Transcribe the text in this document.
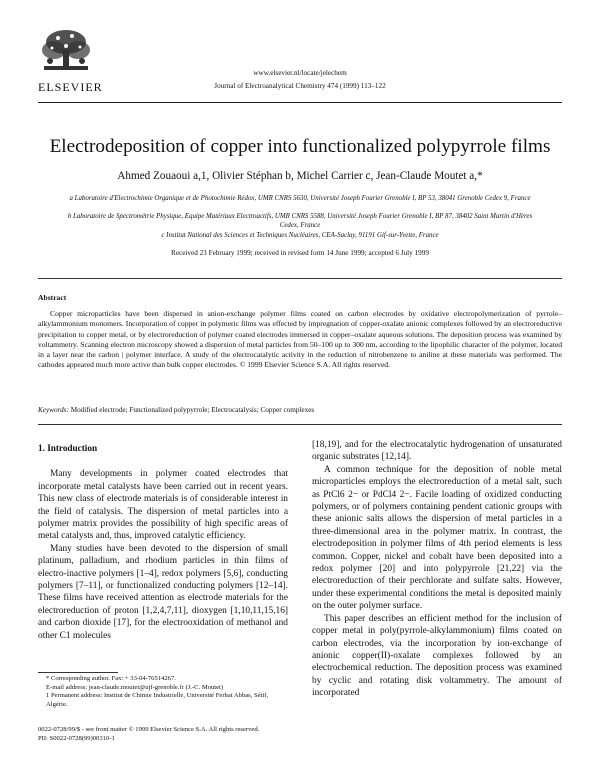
ELSEVIER
www.elsevier.nl/locate/jelechem
Journal of Electroanalytical Chemistry 474 (1999) 113–122
Electrodeposition of copper into functionalized polypyrrole films
Ahmed Zouaoui a,1, Olivier Stéphan b, Michel Carrier c, Jean-Claude Moutet a,*
a Laboratoire d'Electrochimie Organique et de Photochimie Rédox, UMR CNRS 5630, Université Joseph Fourier Grenoble I, BP 53, 38041 Grenoble Cedex 9, France
b Laboratoire de Spectrométrie Physique, Equipe Matériaux Electroactifs, UMR CNRS 5588, Université Joseph Fourier Grenoble I, BP 87, 38402 Saint Martin d'Hères Cedex, France
c Institut National des Sciences et Techniques Nucléaires, CEA-Saclay, 91191 Gif-sur-Yvette, France
Received 23 February 1999; received in revised form 14 June 1999; accepted 6 July 1999
Abstract
Copper microparticles have been dispersed in anion-exchange polymer films coated on carbon electrodes by oxidative electropolymerization of pyrrole–alkylammonium monomers. Incorporation of copper in polymeric films was effected by impregnation of copper-oxalate anionic complexes followed by an electroreductive precipitation to copper metal, or by electroreduction of polymer coated electrodes immersed in copper–oxalate aqueous solutions. The deposition process was examined by voltammetry. Scanning electron microscopy showed a dispersion of metal particles from 50–100 up to 300 nm, according to the lipophilic character of the polymer, located in a layer near the carbon | polymer interface. A study of the electrocatalytic activity in the reduction of nitrobenzene to aniline at these materials was performed. The cathodes appeared much more active than bulk copper electrodes. © 1999 Elsevier Science S.A. All rights reserved.
Keywords: Modified electrode; Functionalized polypyrrole; Electrocatalysis; Copper complexes
1. Introduction

Many developments in polymer coated electrodes that incorporate metal catalysts have been carried out in recent years. This new class of electrode materials is of considerable interest in the field of catalysis. The dispersion of metal particles into a polymer matrix provides the possibility of high specific areas of metal catalysts and, thus, improved catalytic efficiency.

Many studies have been devoted to the dispersion of small platinum, palladium, and rhodium particles in thin films of electro-inactive polymers [1–4], redox polymers [5,6], conducting polymers [7–11], or functionalized conducting polymers [12–14]. These films have received attention as electrode materials for the electroreduction of proton [1,2,4,7,11], dioxygen [1,10,11,15,16] and carbon dioxide [17], for the electrooxidation of methanol and other C1 molecules

[18,19], and for the electrocatalytic hydrogenation of unsaturated organic substrates [12,14].

A common technique for the deposition of noble metal microparticles employs the electroreduction of a metal salt, such as PtCl6 2− or PdCl4 2−. Facile loading of oxidized conducting polymers, or of polymers containing pendent cationic groups with these anionic salts allows the dispersion of metal particles in a three-dimensional area in the polymer matrix. In contrast, the electrodeposition in polymer films of 4th period elements is less common. Copper, nickel and cobalt have been deposited into a redox polymer [20] and into polypyrrole [21,22] via the electroreduction of their perchlorate and sulfate salts. However, under these experimental conditions the metal is deposited mainly on the outer polymer surface.

This paper describes an efficient method for the inclusion of copper metal in poly(pyrrole-alkylammonium) films coated on carbon electrodes, via the incorporation by ion-exchange of anionic copper(II)-oxalate complexes followed by an electrochemical reduction. The deposition process was examined by cyclic and rotating disk voltammetry. The amount of incorporated

* Corresponding author. Fax: + 33-04-76514267.
E-mail address: jean-claude.moutet@ujf-grenoble.fr (J.-C. Moutet)
1 Permanent address: Institut de Chimie Industrielle, Université Ferhat Abbas, Sétif, Algérie.
0022-0728/99/$ - see front matter © 1999 Elsevier Science S.A. All rights reserved.
PII: S0022-0728(99)00310-1
